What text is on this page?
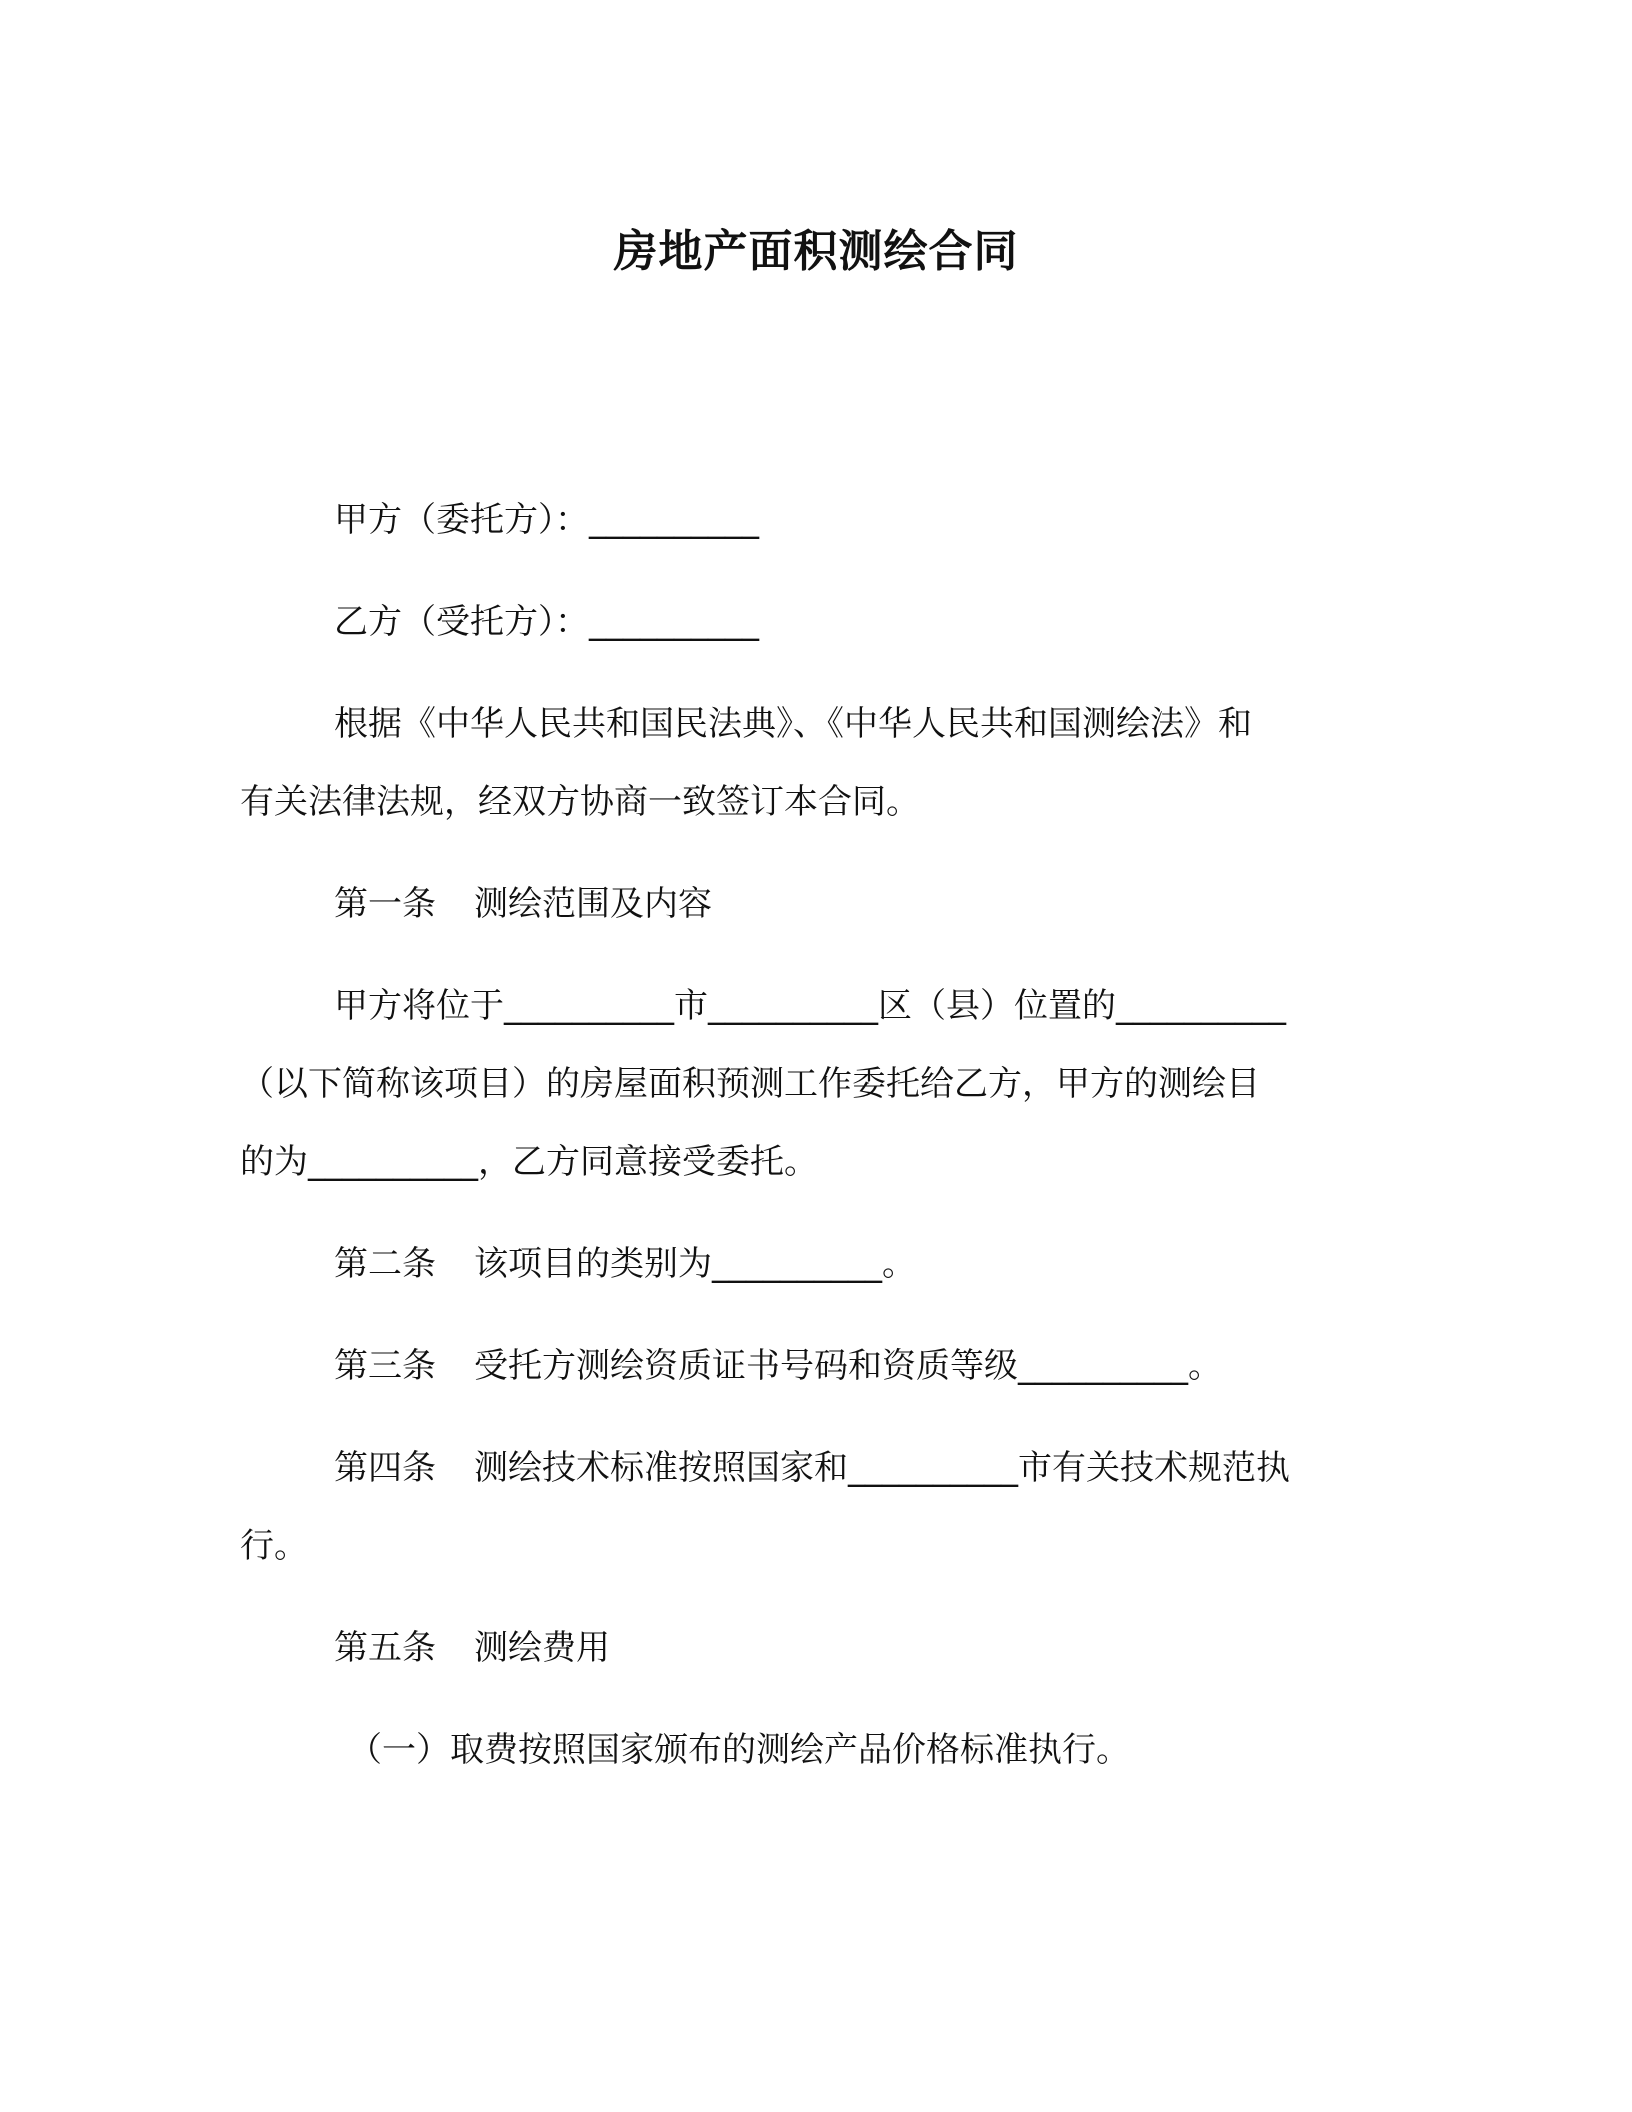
房地产面积测绘合同

甲方（委托方）：__________

乙方（受托方）：__________

根据《中华人民共和国民法典》、《中华人民共和国测绘法》和

有关法律法规，经双方协商一致签订本合同。

第一条 测绘范围及内容

甲方将位于__________市__________区（县）位置的__________

（以下简称该项目）的房屋面积预测工作委托给乙方，甲方的测绘目

的为__________，乙方同意接受委托。

第二条 该项目的类别为__________。

第三条 受托方测绘资质证书号码和资质等级__________。

第四条 测绘技术标准按照国家和__________市有关技术规范执

行。

第五条 测绘费用

（一）取费按照国家颁布的测绘产品价格标准执行。
